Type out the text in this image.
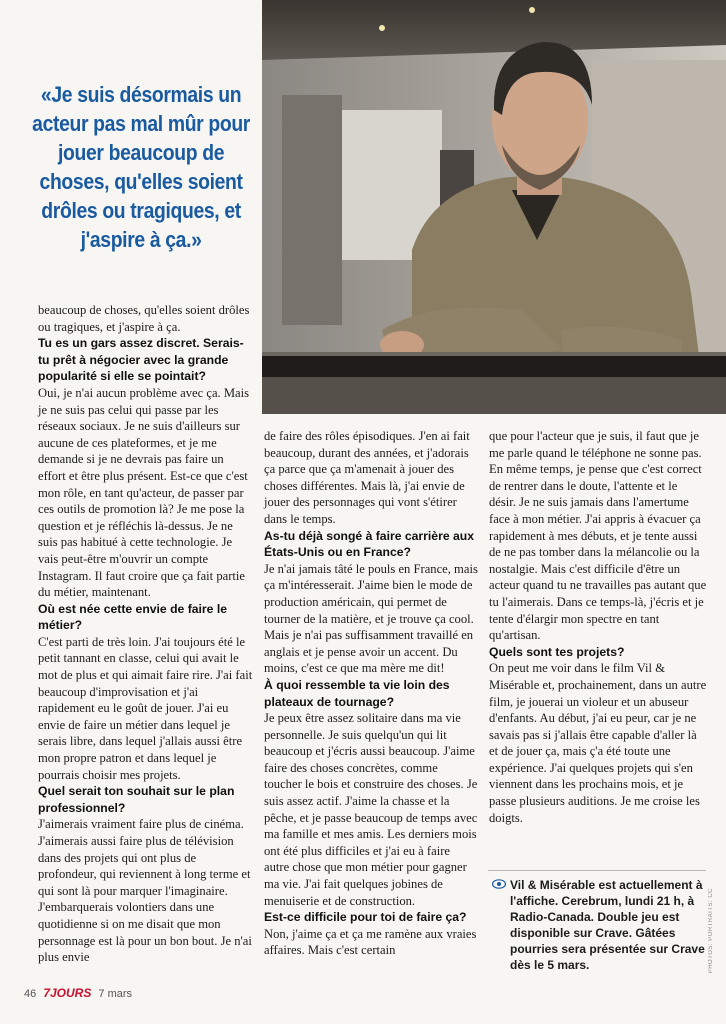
«Je suis désormais un acteur pas mal mûr pour jouer beaucoup de choses, qu'elles soient drôles ou tragiques, et j'aspire à ça.»

beaucoup de choses, qu'elles soient drôles ou tragiques, et j'aspire à ça.

Tu es un gars assez discret. Serais-tu prêt à négocier avec la grande popularité si elle se pointait?

Oui, je n'ai aucun problème avec ça. Mais je ne suis pas celui qui passe par les réseaux sociaux. Je ne suis d'ailleurs sur aucune de ces plateformes, et je me demande si je ne devrais pas faire un effort et être plus présent. Est-ce que c'est mon rôle, en tant qu'acteur, de passer par ces outils de promotion là? Je me pose la question et je réfléchis là-dessus. Je ne suis pas habitué à cette technologie. Je vais peut-être m'ouvrir un compte Instagram. Il faut croire que ça fait partie du métier, maintenant.

Où est née cette envie de faire le métier?

C'est parti de très loin. J'ai toujours été le petit tannant en classe, celui qui avait le mot de plus et qui aimait faire rire. J'ai fait beaucoup d'improvisation et j'ai rapidement eu le goût de jouer. J'ai eu envie de faire un métier dans lequel je serais libre, dans lequel j'allais aussi être mon propre patron et dans lequel je pourrais choisir mes projets.

Quel serait ton souhait sur le plan professionnel?

J'aimerais vraiment faire plus de cinéma. J'aimerais aussi faire plus de télévision dans des projets qui ont plus de profondeur, qui reviennent à long terme et qui sont là pour marquer l'imaginaire. J'embarquerais volontiers dans une quotidienne si on me disait que mon personnage est là pour un bon bout. Je n'ai plus envie

de faire des rôles épisodiques. J'en ai fait beaucoup, durant des années, et j'adorais ça parce que ça m'amenait à jouer des choses différentes. Mais là, j'ai envie de jouer des personnages qui vont s'étirer dans le temps.

As-tu déjà songé à faire carrière aux États-Unis ou en France?

Je n'ai jamais tâté le pouls en France, mais ça m'intéresserait. J'aime bien le mode de production américain, qui permet de tourner de la matière, et je trouve ça cool. Mais je n'ai pas suffisamment travaillé en anglais et je pense avoir un accent. Du moins, c'est ce que ma mère me dit!

À quoi ressemble ta vie loin des plateaux de tournage?

Je peux être assez solitaire dans ma vie personnelle. Je suis quelqu'un qui lit beaucoup et j'écris aussi beaucoup. J'aime faire des choses concrètes, comme toucher le bois et construire des choses. Je suis assez actif. J'aime la chasse et la pêche, et je passe beaucoup de temps avec ma famille et mes amis. Les derniers mois ont été plus difficiles et j'ai eu à faire autre chose que mon métier pour gagner ma vie. J'ai fait quelques jobines de menuiserie et de construction.

Est-ce difficile pour toi de faire ça?

Non, j'aime ça et ça me ramène aux vraies affaires. Mais c'est certain

que pour l'acteur que je suis, il faut que je me parle quand le téléphone ne sonne pas. En même temps, je pense que c'est correct de rentrer dans le doute, l'attente et le désir. Je ne suis jamais dans l'amertume face à mon métier. J'ai appris à évacuer ça rapidement à mes débuts, et je tente aussi de ne pas tomber dans la mélancolie ou la nostalgie. Mais c'est difficile d'être un acteur quand tu ne travailles pas autant que tu l'aimerais. Dans ce temps-là, j'écris et je tente d'élargir mon spectre en tant qu'artisan.

Quels sont tes projets?

On peut me voir dans le film Vil & Misérable et, prochainement, dans un autre film, je jouerai un violeur et un abuseur d'enfants. Au début, j'ai eu peur, car je ne savais pas si j'allais être capable d'aller là et de jouer ça, mais ç'a été toute une expérience. J'ai quelques projets qui s'en viennent dans les prochains mois, et je passe plusieurs auditions. Je me croise les doigts.

Vil & Misérable est actuellement à l'affiche. Cerebrum, lundi 21 h, à Radio-Canada. Double jeu est disponible sur Crave. Gâtées pourries sera présentée sur Crave dès le 5 mars.
46 7JOURS 7 mars
PHOTOS: PORTRAITS: CC
